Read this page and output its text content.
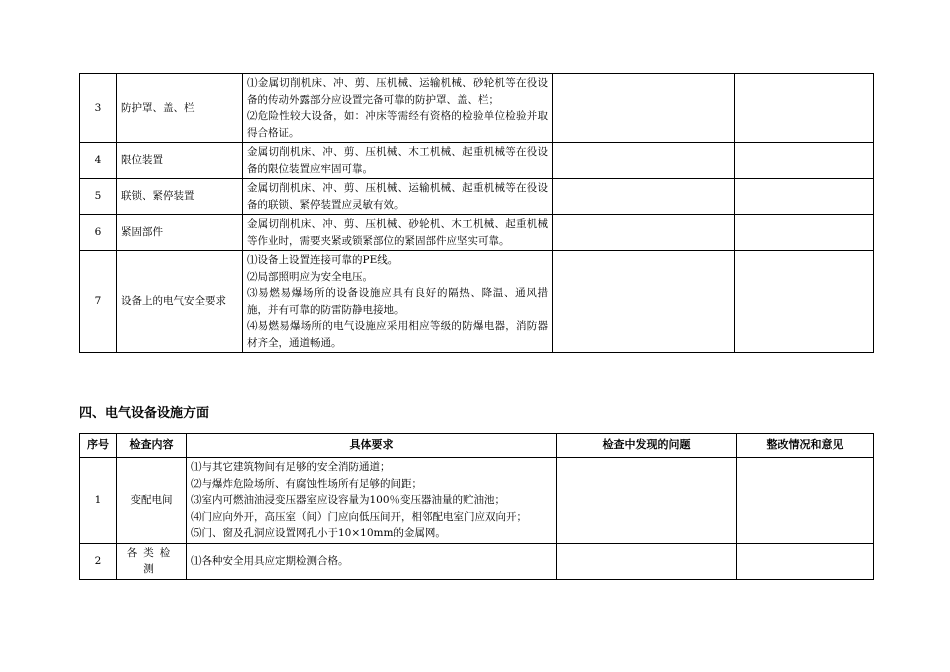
3	防护罩、盖、栏	⑴金属切削机床、冲、剪、压机械、运输机械、砂轮机等在役设备的传动外露部分应设置完备可靠的防护罩、盖、栏；
⑵危险性较大设备，如：冲床等需经有资格的检验单位检验并取得合格证。		

4	限位装置	金属切削机床、冲、剪、压机械、木工机械、起重机械等在役设备的限位装置应牢固可靠。		

5	联锁、紧停装置	金属切削机床、冲、剪、压机械、运输机械、起重机械等在役设备的联锁、紧停装置应灵敏有效。		

6	紧固部件	金属切削机床、冲、剪、压机械、砂轮机、木工机械、起重机械等作业时，需要夹紧或锁紧部位的紧固部件应坚实可靠。		

7	设备上的电气安全要求	⑴设备上设置连接可靠的PE线。
⑵局部照明应为安全电压。
⑶易燃易爆场所的设备设施应具有良好的隔热、降温、通风措施，并有可靠的防雷防静电接地。
⑷易燃易爆场所的电气设施应采用相应等级的防爆电器，消防器材齐全，通道畅通。		

四、电气设备设施方面
序号	检查内容	具体要求	检查中发现的问题	整改情况和意见
1	变配电间	⑴与其它建筑物间有足够的安全消防通道；
⑵与爆炸危险场所、有腐蚀性场所有足够的间距；
⑶室内可燃油油浸变压器室应设容量为100％变压器油量的贮油池；
⑷门应向外开，高压室（间）门应向低压间开，相邻配电室门应双向开；
⑸门、窗及孔洞应设置网孔小于10×10mm的金属网。		

2	各类检测	⑴各种安全用具应定期检测合格。		
